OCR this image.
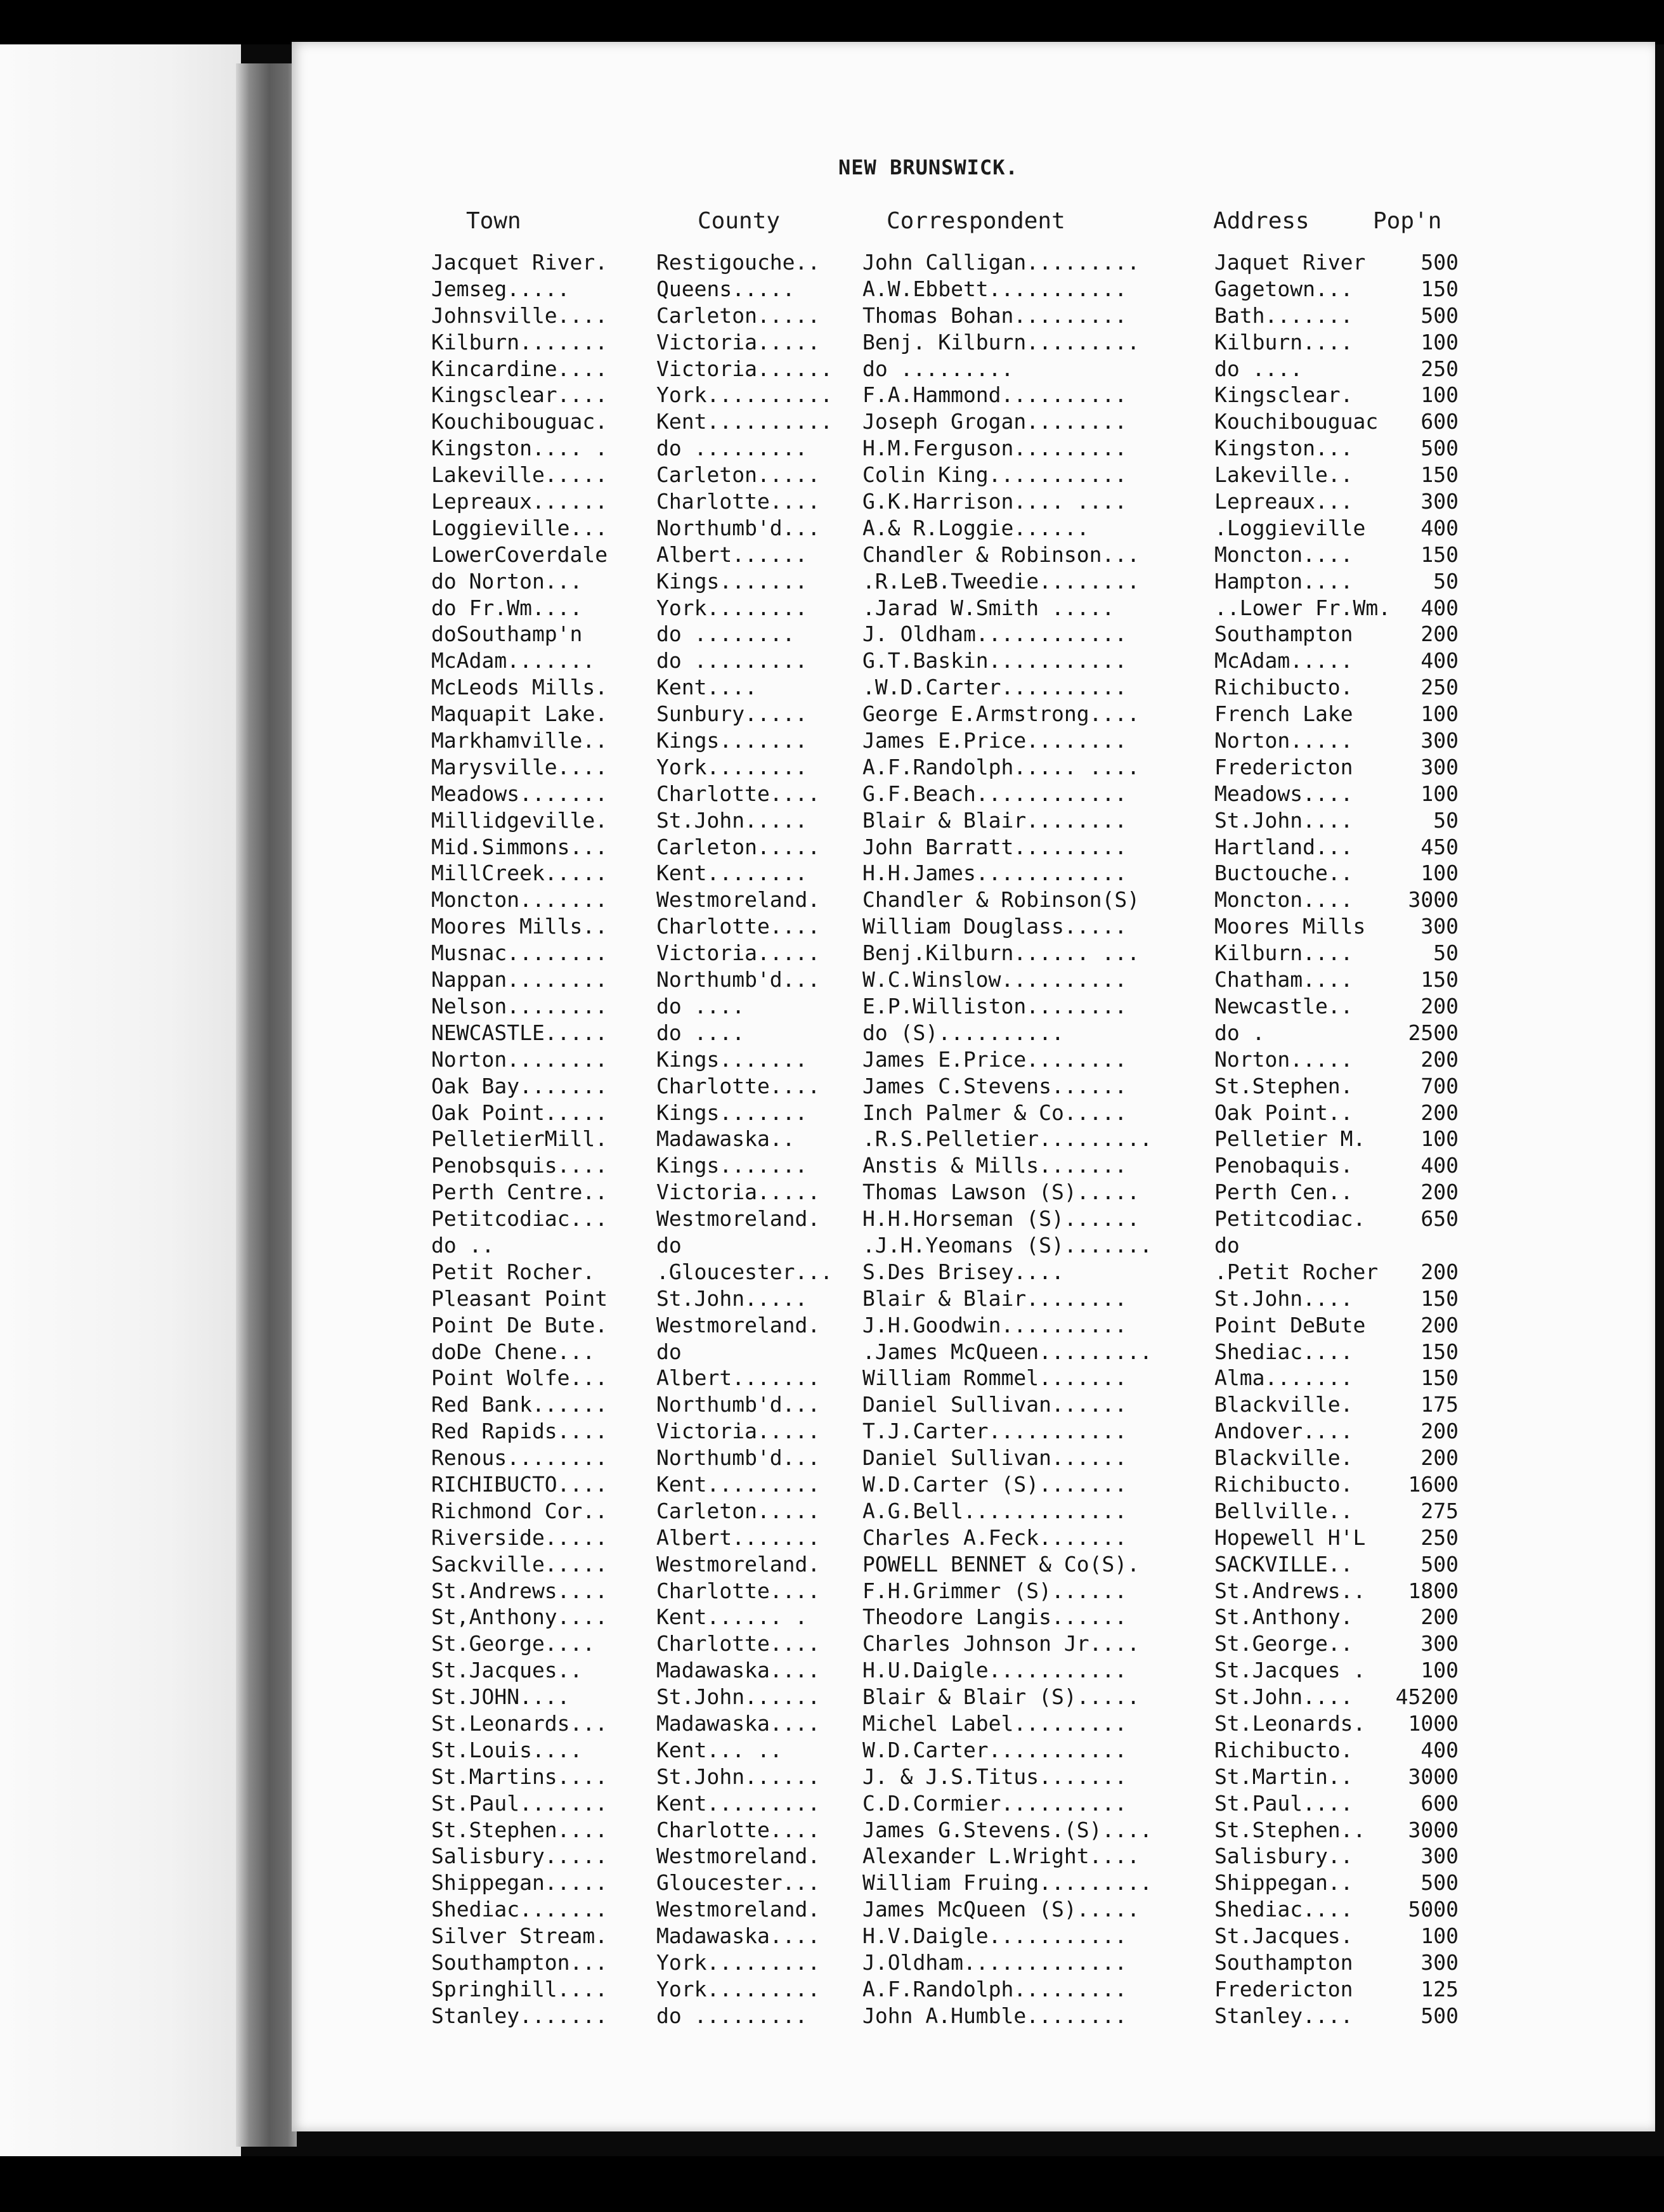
NEW BRUNSWICK.
Town	County	Correspondent	Address	Pop'n
Jacquet River.	Restigouche..	John Calligan.........	Jaquet River	500
Jemseg.....	Queens.....	A.W.Ebbett...........	Gagetown...	150
Johnsville....	Carleton.....	Thomas Bohan.........	Bath.......	500
Kilburn.......	Victoria.....	Benj. Kilburn.........	Kilburn....	100
Kincardine....	Victoria......	do .........	do ....	250
Kingsclear....	York..........	F.A.Hammond..........	Kingsclear.	100
Kouchibouguac.	Kent..........	Joseph Grogan........	Kouchibouguac	600
Kingston.... .	do .........	H.M.Ferguson.........	Kingston...	500
Lakeville.....	Carleton.....	Colin King...........	Lakeville..	150
Lepreaux......	Charlotte....	G.K.Harrison.... ....	Lepreaux...	300
Loggieville...	Northumb'd...	A.& R.Loggie......	.Loggieville	400
LowerCoverdale	Albert......	Chandler & Robinson...	Moncton....	150
do Norton...	Kings.......	.R.LeB.Tweedie........	Hampton....	50
do Fr.Wm....	York........	.Jarad W.Smith .....	..Lower Fr.Wm.	400
doSouthamp'n	do ........	J. Oldham............	Southampton	200
McAdam.......	do .........	G.T.Baskin...........	McAdam.....	400
McLeods Mills.	Kent....	.W.D.Carter..........	Richibucto.	250
Maquapit Lake.	Sunbury.....	George E.Armstrong....	French Lake	100
Markhamville..	Kings.......	James E.Price........	Norton.....	300
Marysville....	York........	A.F.Randolph..... ....	Fredericton	300
Meadows.......	Charlotte....	G.F.Beach............	Meadows....	100
Millidgeville.	St.John.....	Blair & Blair........	St.John....	50
Mid.Simmons...	Carleton.....	John Barratt.........	Hartland...	450
MillCreek.....	Kent........	H.H.James............	Buctouche..	100
Moncton.......	Westmoreland.	Chandler & Robinson(S)	Moncton....	3000
Moores Mills..	Charlotte....	William Douglass.....	Moores Mills	300
Musnac........	Victoria.....	Benj.Kilburn...... ...	Kilburn....	50
Nappan........	Northumb'd...	W.C.Winslow..........	Chatham....	150
Nelson........	do ....	E.P.Williston........	Newcastle..	200
NEWCASTLE.....	do ....	do (S)..........	do .	2500
Norton........	Kings.......	James E.Price........	Norton.....	200
Oak Bay.......	Charlotte....	James C.Stevens......	St.Stephen.	700
Oak Point.....	Kings.......	Inch Palmer & Co.....	Oak Point..	200
PelletierMill.	Madawaska..	.R.S.Pelletier.........	Pelletier M.	100
Penobsquis....	Kings.......	Anstis & Mills.......	Penobaquis.	400
Perth Centre..	Victoria.....	Thomas Lawson (S).....	Perth Cen..	200
Petitcodiac...	Westmoreland.	H.H.Horseman (S)......	Petitcodiac.	650
do ..	do	.J.H.Yeomans (S).......	do
Petit Rocher.	.Gloucester...	S.Des Brisey....	.Petit Rocher	200
Pleasant Point	St.John.....	Blair & Blair........	St.John....	150
Point De Bute.	Westmoreland.	J.H.Goodwin..........	Point DeBute	200
doDe Chene...	do	.James McQueen.........	Shediac....	150
Point Wolfe...	Albert.......	William Rommel.......	Alma.......	150
Red Bank......	Northumb'd...	Daniel Sullivan......	Blackville.	175
Red Rapids....	Victoria.....	T.J.Carter...........	Andover....	200
Renous........	Northumb'd...	Daniel Sullivan......	Blackville.	200
RICHIBUCTO....	Kent.........	W.D.Carter (S).......	Richibucto.	1600
Richmond Cor..	Carleton.....	A.G.Bell.............	Bellville..	275
Riverside.....	Albert.......	Charles A.Feck.......	Hopewell H'L	250
Sackville.....	Westmoreland.	POWELL BENNET & Co(S).	SACKVILLE..	500
St.Andrews....	Charlotte....	F.H.Grimmer (S)......	St.Andrews..	1800
St,Anthony....	Kent...... .	Theodore Langis......	St.Anthony.	200
St.George....	Charlotte....	Charles Johnson Jr....	St.George..	300
St.Jacques..	Madawaska....	H.U.Daigle...........	St.Jacques .	100
St.JOHN....	St.John......	Blair & Blair (S).....	St.John....	45200
St.Leonards...	Madawaska....	Michel Label.........	St.Leonards.	1000
St.Louis....	Kent... ..	W.D.Carter...........	Richibucto.	400
St.Martins....	St.John......	J. & J.S.Titus.......	St.Martin..	3000
St.Paul.......	Kent.........	C.D.Cormier..........	St.Paul....	600
St.Stephen....	Charlotte....	James G.Stevens.(S)....	St.Stephen..	3000
Salisbury.....	Westmoreland.	Alexander L.Wright....	Salisbury..	300
Shippegan.....	Gloucester...	William Fruing.........	Shippegan..	500
Shediac.......	Westmoreland.	James McQueen (S).....	Shediac....	5000
Silver Stream.	Madawaska....	H.V.Daigle...........	St.Jacques.	100
Southampton...	York.........	J.Oldham.............	Southampton	300
Springhill....	York.........	A.F.Randolph.........	Fredericton	125
Stanley.......	do .........	John A.Humble........	Stanley....	500
